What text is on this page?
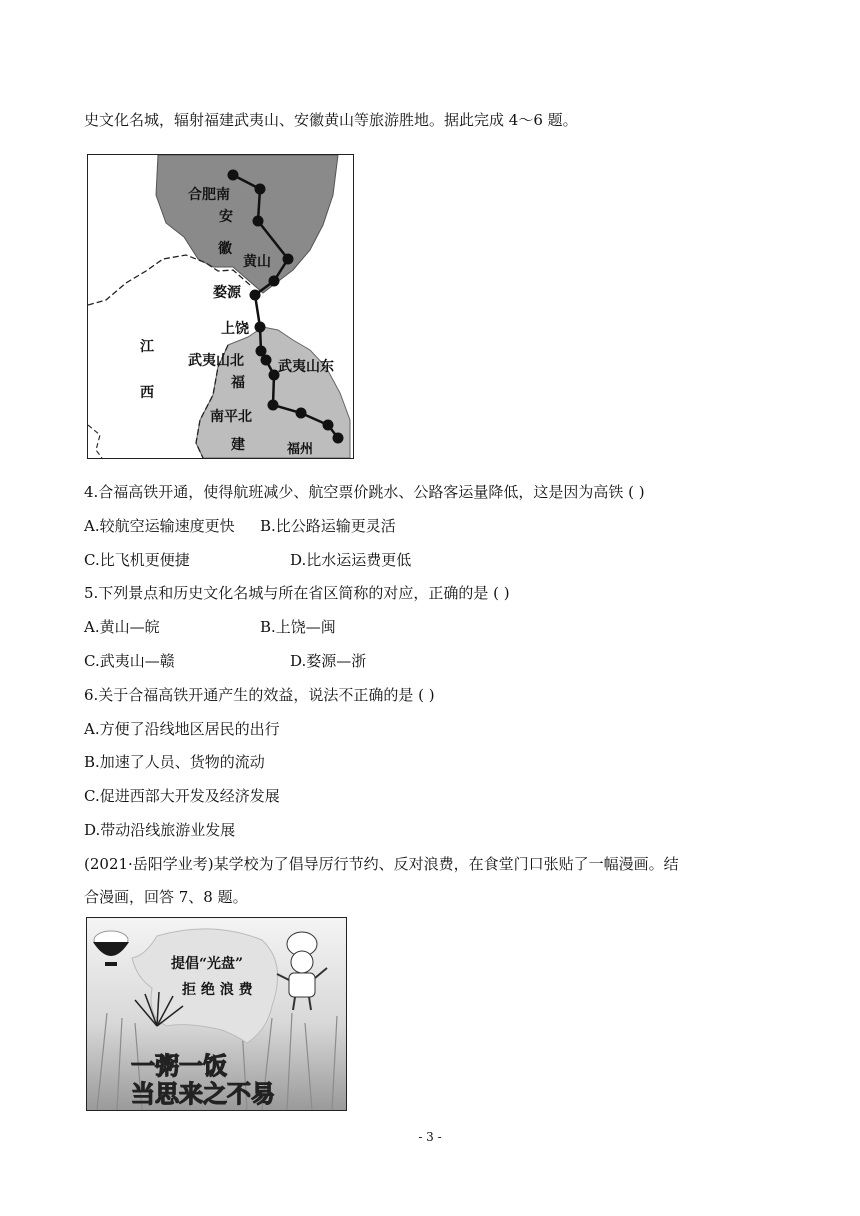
史文化名城，辐射福建武夷山、安徽黄山等旅游胜地。据此完成 4～6 题。
合肥南
安
徽
黄山
婺源
上饶
江
武夷山北 武夷山东
福
西
南平北
建	福州
4.合福高铁开通，使得航班减少、航空票价跳水、公路客运量降低，这是因为高铁 ( )
A.较航空运输速度更快 B.比公路运输更灵活
C.比飞机更便捷	D.比水运运费更低
5.下列景点和历史文化名城与所在省区简称的对应，正确的是 ( )
A.黄山—皖	B.上饶—闽
C.武夷山—赣	D.婺源—浙
6.关于合福高铁开通产生的效益，说法不正确的是 ( )
A.方便了沿线地区居民的出行
B.加速了人员、货物的流动
C.促进西部大开发及经济发展
D.带动沿线旅游业发展
(2021·岳阳学业考)某学校为了倡导厉行节约、反对浪费，在食堂门口张贴了一幅漫画。结
合漫画，回答 7、8 题。
提倡“光盘”
拒 绝 浪 费
一粥一饭
当思来之不易
- 3 -
